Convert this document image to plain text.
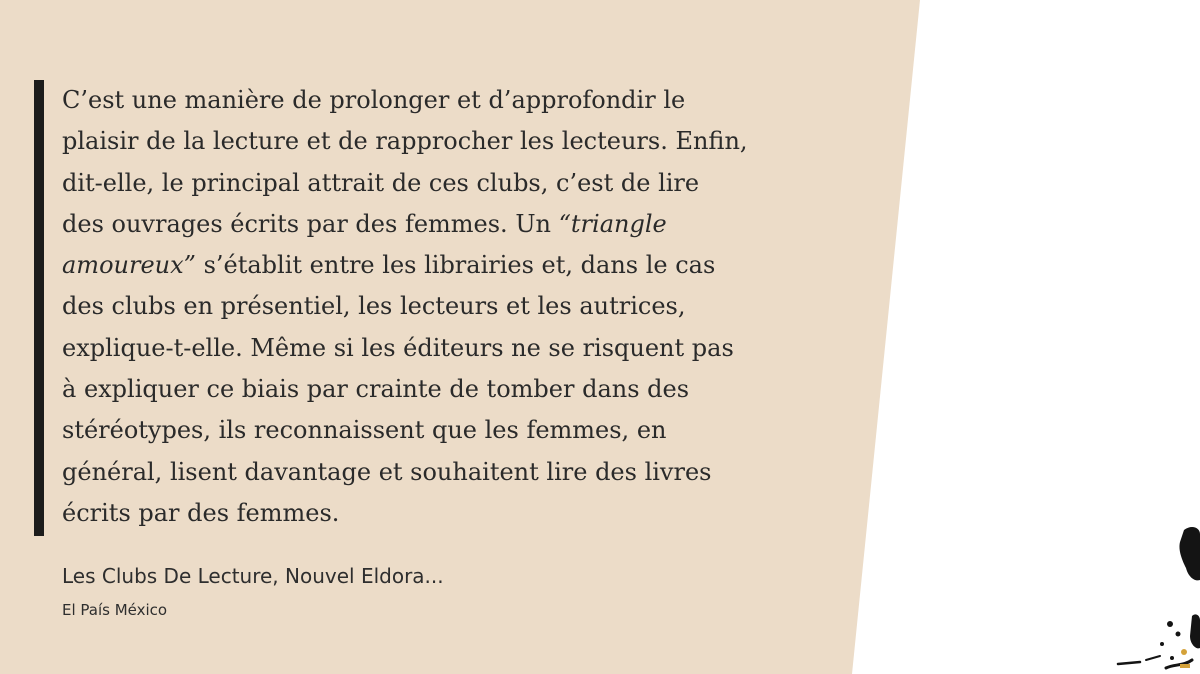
C’est une manière de prolonger et d’approfondir le
plaisir de la lecture et de rapprocher les lecteurs. Enfin,
dit-elle, le principal attrait de ces clubs, c’est de lire
des ouvrages écrits par des femmes. Un “triangle
amoureux” s’établit entre les librairies et, dans le cas
des clubs en présentiel, les lecteurs et les autrices,
explique-t-elle. Même si les éditeurs ne se risquent pas
à expliquer ce biais par crainte de tomber dans des
stéréotypes, ils reconnaissent que les femmes, en
général, lisent davantage et souhaitent lire des livres
écrits par des femmes.

Les Clubs De Lecture, Nouvel Eldora...
El País México
